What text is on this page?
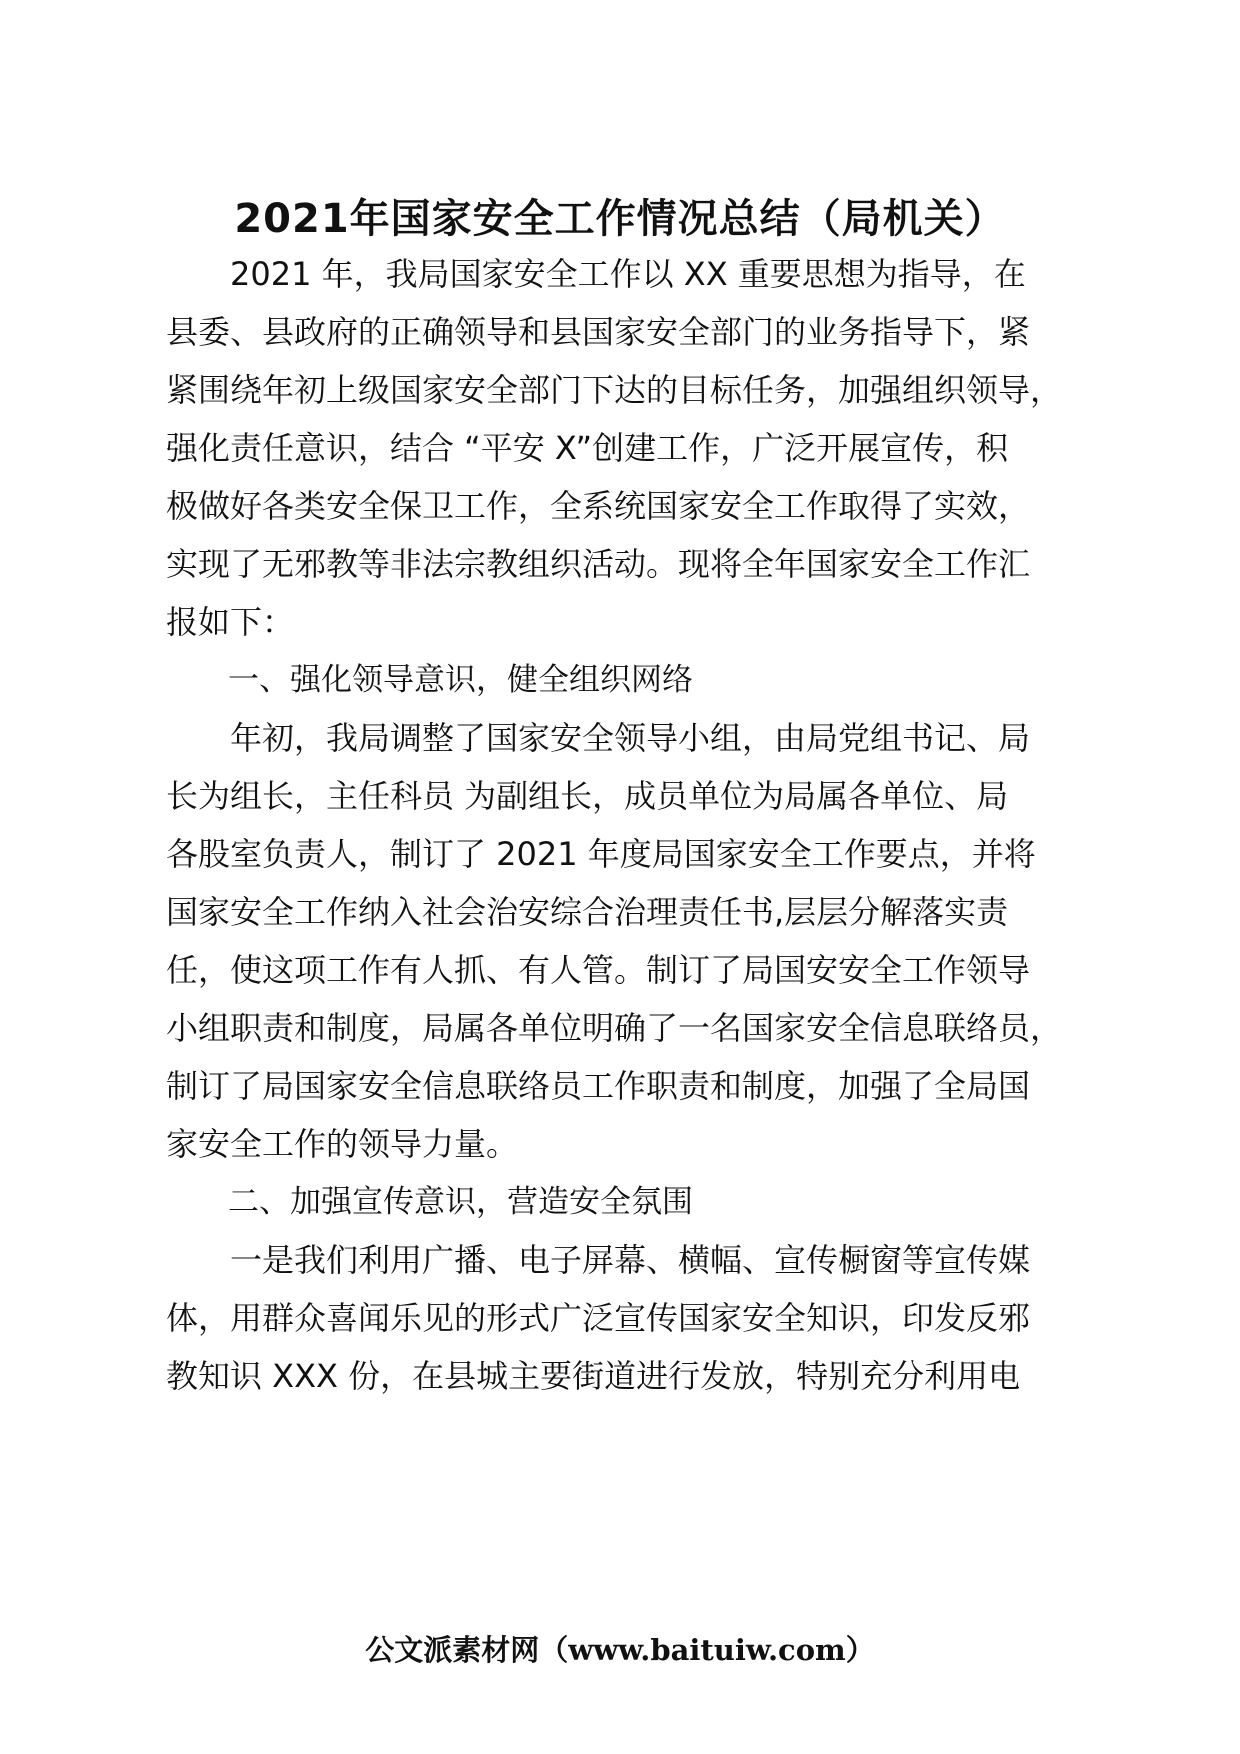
2021年国家安全工作情况总结（局机关）
　　2021 年，我局国家安全工作以 XX 重要思想为指导，在
县委、县政府的正确领导和县国家安全部门的业务指导下，紧
紧围绕年初上级国家安全部门下达的目标任务，加强组织领导，
强化责任意识，结合 “平安 X”创建工作，广泛开展宣传，积
极做好各类安全保卫工作，全系统国家安全工作取得了实效，
实现了无邪教等非法宗教组织活动。现将全年国家安全工作汇
报如下：
　　一、强化领导意识，健全组织网络
　　年初，我局调整了国家安全领导小组，由局党组书记、局
长为组长，主任科员 为副组长，成员单位为局属各单位、局
各股室负责人，制订了 2021 年度局国家安全工作要点，并将
国家安全工作纳入社会治安综合治理责任书,层层分解落实责
任，使这项工作有人抓、有人管。制订了局国安安全工作领导
小组职责和制度，局属各单位明确了一名国家安全信息联络员，
制订了局国家安全信息联络员工作职责和制度，加强了全局国
家安全工作的领导力量。
　　二、加强宣传意识，营造安全氛围
　　一是我们利用广播、电子屏幕、横幅、宣传橱窗等宣传媒
体，用群众喜闻乐见的形式广泛宣传国家安全知识，印发反邪
教知识 XXX 份，在县城主要街道进行发放，特别充分利用电
公文派素材网（www.baituiw.com）
